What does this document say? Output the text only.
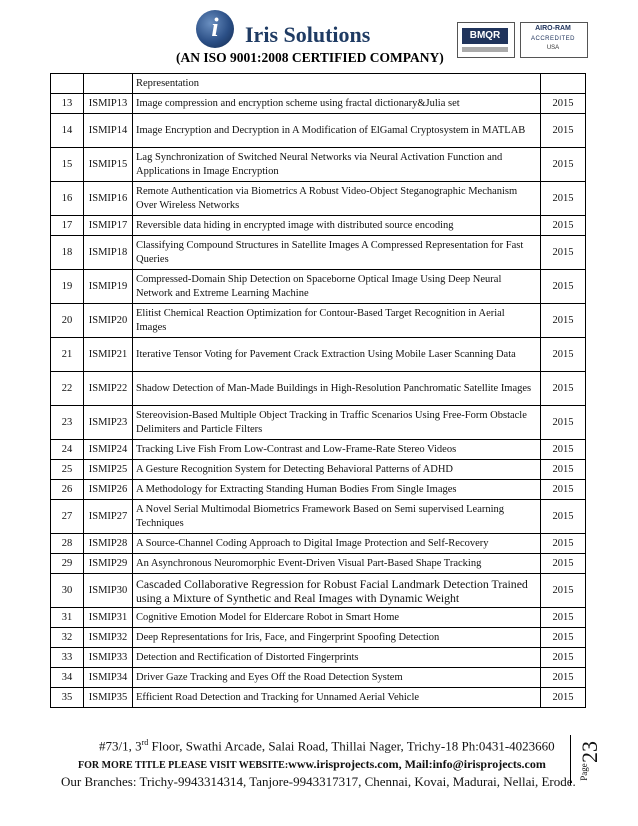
i	Iris Solutions
(AN ISO 9001:2008 CERTIFIED COMPANY)
BMQR
AIRO-RAM
ACCREDITED
USA
		Representation	
13	ISMIP13	Image compression and encryption scheme using fractal dictionary&Julia set	2015
14	ISMIP14	Image Encryption and Decryption in A Modification of ElGamal Cryptosystem in MATLAB	2015
15	ISMIP15	Lag Synchronization of Switched Neural Networks via Neural Activation Function and Applications in Image Encryption	2015
16	ISMIP16	Remote Authentication via Biometrics A Robust Video-Object Steganographic Mechanism Over Wireless Networks	2015
17	ISMIP17	Reversible data hiding in encrypted image with distributed source encoding	2015
18	ISMIP18	Classifying Compound Structures in Satellite Images A Compressed Representation for Fast Queries	2015
19	ISMIP19	Compressed-Domain Ship Detection on Spaceborne Optical Image Using Deep Neural Network and Extreme Learning Machine	2015
20	ISMIP20	Elitist Chemical Reaction Optimization for Contour-Based Target Recognition in Aerial Images	2015
21	ISMIP21	Iterative Tensor Voting for Pavement Crack Extraction Using Mobile Laser Scanning Data	2015
22	ISMIP22	Shadow Detection of Man-Made Buildings in High-Resolution Panchromatic Satellite Images	2015
23	ISMIP23	Stereovision-Based Multiple Object Tracking in Traffic Scenarios Using Free-Form Obstacle Delimiters and Particle Filters	2015
24	ISMIP24	Tracking Live Fish From Low-Contrast and Low-Frame-Rate Stereo Videos	2015
25	ISMIP25	A Gesture Recognition System for Detecting Behavioral Patterns of ADHD	2015
26	ISMIP26	A Methodology for Extracting Standing Human Bodies From Single Images	2015
27	ISMIP27	A Novel Serial Multimodal Biometrics Framework Based on Semi supervised Learning Techniques	2015
28	ISMIP28	A Source-Channel Coding Approach to Digital Image Protection and Self-Recovery	2015
29	ISMIP29	An Asynchronous Neuromorphic Event-Driven Visual Part-Based Shape Tracking	2015
30	ISMIP30	Cascaded Collaborative Regression for Robust Facial Landmark Detection Trained using a Mixture of Synthetic and Real Images with Dynamic Weight	2015
31	ISMIP31	Cognitive Emotion Model for Eldercare Robot in Smart Home	2015
32	ISMIP32	Deep Representations for Iris, Face, and Fingerprint Spoofing Detection	2015
33	ISMIP33	Detection and Rectification of Distorted Fingerprints	2015
34	ISMIP34	Driver Gaze Tracking and Eyes Off the Road Detection System	2015
35	ISMIP35	Efficient Road Detection and Tracking for Unnamed Aerial Vehicle	2015
#73/1, 3rd Floor, Swathi Arcade, Salai Road, Thillai Nager, Trichy-18 Ph:0431-4023660
FOR MORE TITLE PLEASE VISIT WEBSITE:www.irisprojects.com, Mail:info@irisprojects.com
Our Branches: Trichy-9943314314, Tanjore-9943317317, Chennai, Kovai, Madurai, Nellai, Erode.
23
Page
